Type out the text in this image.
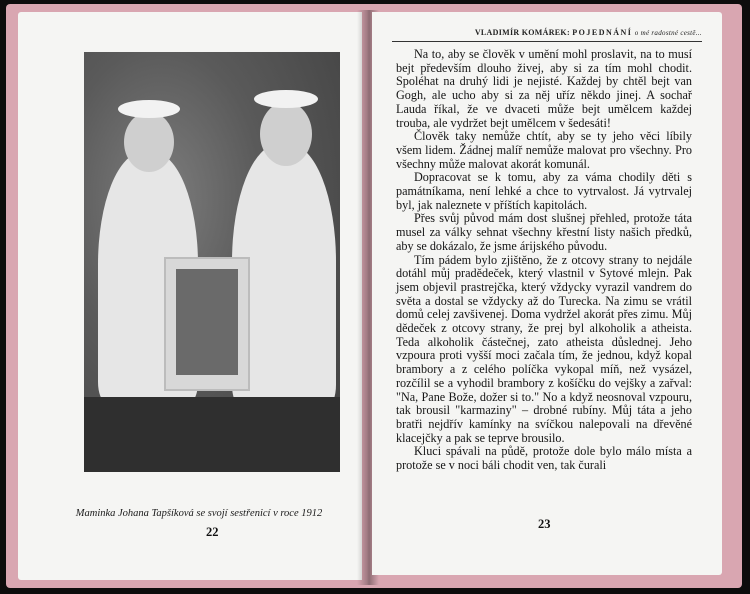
Maminka Johana Tapšíková se svojí sestřenicí v roce 1912
22
VLADIMÍR KOMÁREK: POJEDNÁNÍ o mé radostné cestě...

Na to, aby se člověk v umění mohl proslavit, na to musí bejt především dlouho živej, aby si za tím mohl chodit. Spoléhat na druhý lidi je nejisté. Každej by chtěl bejt van Gogh, ale ucho aby si za něj uříz někdo jinej. A sochař Lauda říkal, že ve dvaceti může bejt umělcem každej trouba, ale vydržet bejt umělcem v šedesáti!

Člověk taky nemůže chtít, aby se ty jeho věci líbily všem lidem. Žádnej malíř nemůže malovat pro všechny. Pro všechny může malovat akorát komunál.

Dopracovat se k tomu, aby za váma chodily děti s památníkama, není lehké a chce to vytrvalost. Já vytrvalej byl, jak naleznete v příštích kapitolách.

Přes svůj původ mám dost slušnej přehled, protože táta musel za války sehnat všechny křestní listy našich předků, aby se dokázalo, že jsme árijského původu.

Tím pádem bylo zjištěno, že z otcovy strany to nejdále dotáhl můj pradědeček, který vlastnil v Sytové mlejn. Pak jsem objevil prastrejčka, který vždycky vyrazil vandrem do světa a dostal se vždycky až do Turecka. Na zimu se vrátil domů celej zavšivenej. Doma vydržel akorát přes zimu. Můj dědeček z otcovy strany, že prej byl alkoholik a atheista. Teda alkoholik částečnej, zato atheista důslednej. Jeho vzpoura proti vyšší moci začala tím, že jednou, když kopal brambory a z celého políčka vykopal míň, než vysázel, rozčílil se a vyhodil brambory z košíčku do vejšky a zařval: "Na, Pane Bože, dožer si to." No a když neosnoval vzpouru, tak brousil "karmaziny" – drobné rubíny. Můj táta a jeho bratři nejdřív kamínky na svíčkou nalepovali na dřevěné klacejčky a pak se teprve brousilo.

Kluci spávali na půdě, protože dole bylo málo místa a protože se v noci báli chodit ven, tak čurali

23
